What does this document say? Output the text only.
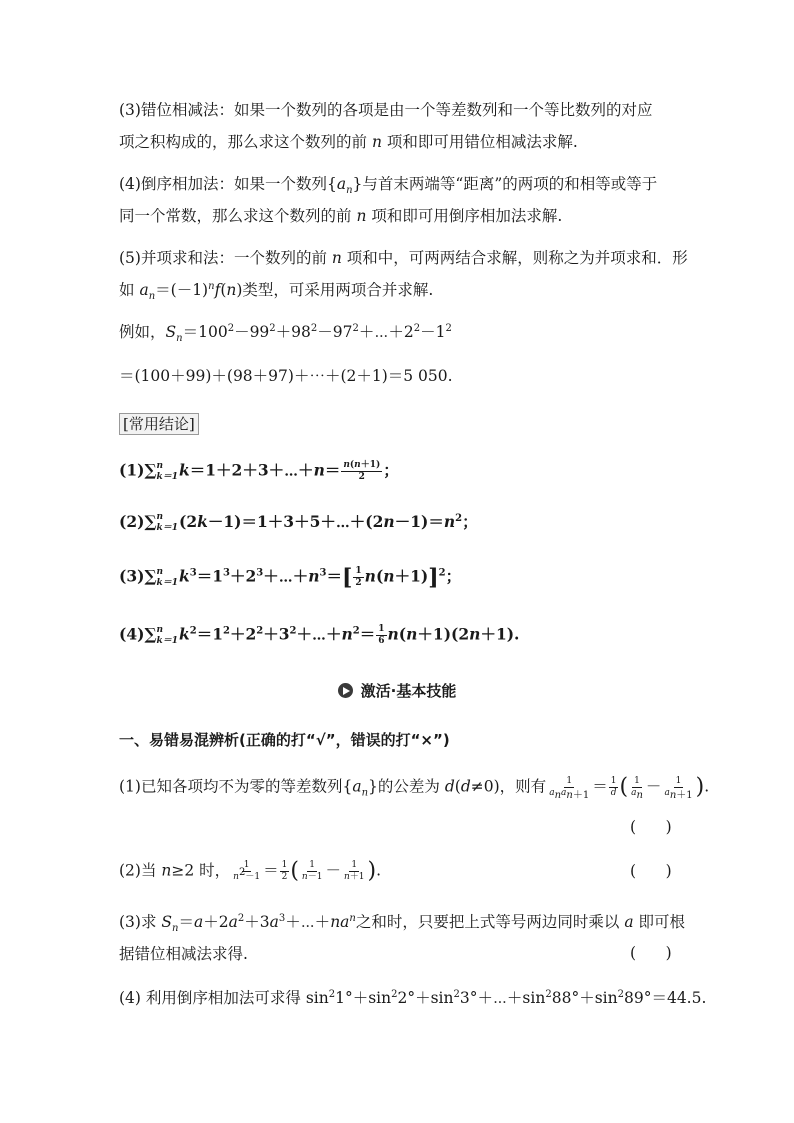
(3)错位相减法：如果一个数列的各项是由一个等差数列和一个等比数列的对应
项之积构成的，那么求这个数列的前 n 项和即可用错位相减法求解.
(4)倒序相加法：如果一个数列$\{a_n\}$与首末两端等“距离”的两项的和相等或等于
同一个常数，那么求这个数列的前 n 项和即可用倒序相加法求解.
(5)并项求和法：一个数列的前 n 项和中，可两两结合求解，则称之为并项求和．形
如 $a_n=(-1)^nf(n)$类型，可采用两项合并求解.
例如，$S_n=100^2-99^2+98^2-97^2+\cdots+2^2-1^2$
＝(100＋99)＋(98＋97)＋⋯＋(2＋1)＝5 050.
[常用结论]
(1)∑ n
k＝1 k＝1＋2＋3＋⋯＋n＝ $\frac{n(n+1)}{2}$ ；
(2)∑ n
k＝1 $(2k-1)=1+3+5+\cdots+(2n-1)=n^2$；
(3)∑ n
k＝1 $k^3=1^3+2^3+\cdots+n^3=[ \frac{1}{2} n(n+1)]^2$；
(4)∑ n
k＝1 $k^2=1^2+2^2+3^2+\cdots+n^2= \frac{1}{6} n(n+1)(2n+1)$.
激活·基本技能
一、易错易混辨析(正确的打“√”，错误的打“×”)
(1)已知各项均不为零的等差数列$\{a_n\}$的公差为 d(d≠0)，则有 $\frac{1}{a_na_{n+1}} = \frac{1}{d}$ ( $\frac{1}{a_n} - \frac{1}{a_{n+1}}$ ).
(      )
(2)当 n≥2 时， $\frac{1}{n^2-1} = \frac{1}{2}$ ( $\frac{1}{n-1} - \frac{1}{n+1}$ ).	(      )
(3)求 $S_n=a+2a^2+3a^3+\cdots+na^n$之和时，只要把上式等号两边同时乘以 a 即可根
据错位相减法求得.	(      )
(4) 利用倒序相加法可求得 $\sin^21^\circ+\sin^22^\circ+\sin^23^\circ+\cdots+\sin^288^\circ+\sin^289^\circ=44.5$.
